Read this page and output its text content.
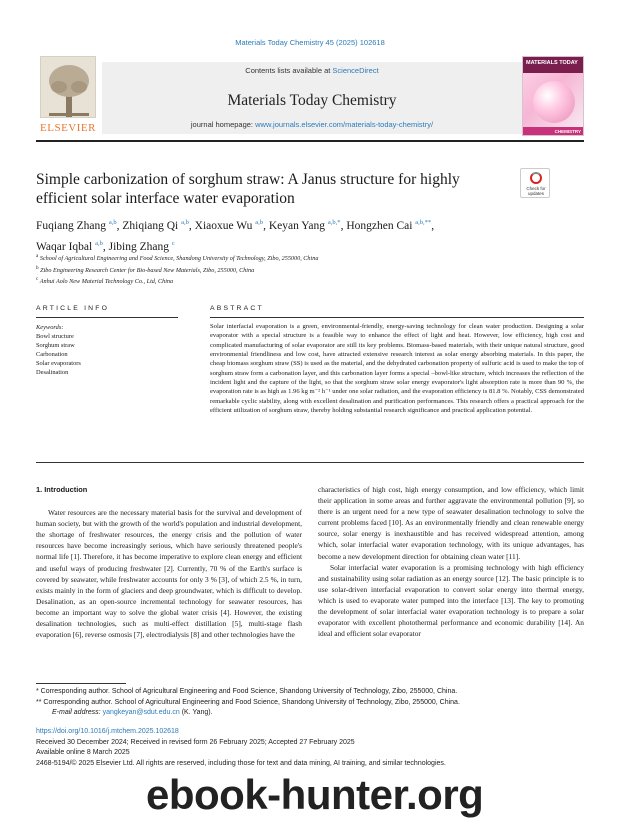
Materials Today Chemistry 45 (2025) 102618
ELSEVIER
Contents lists available at ScienceDirect
Materials Today Chemistry
journal homepage: www.journals.elsevier.com/materials-today-chemistry/
MATERIALS TODAY
CHEMISTRY
Simple carbonization of sorghum straw: A Janus structure for highly efficient solar interface water evaporation
Check for updates
Fuqiang Zhang $^{a,b}$, Zhiqiang Qi $^{a,b}$, Xiaoxue Wu $^{a,b}$, Keyan Yang $^{a,b,*}$, Hongzhen Cai $^{a,b,**}$,
Waqar Iqbal $^{a,b}$, Jibing Zhang $^c$
$^a$ School of Agricultural Engineering and Food Science, Shandong University of Technology, Zibo, 255000, China
$^b$ Zibo Engineering Research Center for Bio-based New Materials, Zibo, 255000, China
$^c$ Anhui Aolo New Material Technology Co., Ltd, China
ARTICLE INFO	ABSTRACT
Keywords:
Bowl structure
Sorghum straw
Carbonation
Solar evaporators
Desalination
Solar interfacial evaporation is a green, environmental-friendly, energy-saving technology for clean water production. Designing a solar evaporator with a special structure is a feasible way to enhance the effect of light and heat. However, low efficiency, high cost and complicated manufacturing of solar evaporator are still its key problems. Biomass-based materials, with their unique natural structure, good environmental friendliness and low cost, have attracted extensive research interest as solar energy absorbing materials. In this paper, the cheap biomass sorghum straw (SS) is used as the material, and the dehydrated carbonation property of sulfuric acid is used to make the top of sorghum straw form a carbonation layer, and this carbonation layer forms a special –bowl-like structure, which increases the reflection of the incident light and the capture of the light, so that the sorghum straw solar energy evaporator's light absorption rate is more than 90 %, the evaporation rate is as high as 1.96 kg m⁻² h⁻¹ under one solar radiation, and the evaporation efficiency is 81.8 %. Notably, CSS demonstrated remarkable cyclic stability, along with excellent desalination and purification performances. This research offers a practical approach for the efficient utilization of sorghum straw, thereby holding substantial research significance and practical application potential.
1. Introduction

Water resources are the necessary material basis for the survival and development of human society, but with the growth of the world's population and industrial development, the shortage of freshwater resources, the energy crisis and the pollution of water resources have become increasingly serious, which have seriously threatened people's normal life [1]. Therefore, it has become imperative to explore clean energy and efficient and useful ways of producing freshwater [2]. Currently, 70 % of the Earth's surface is covered by seawater, while freshwater accounts for only 3 % [3], of which 2.5 %, in turn, exists mainly in the form of glaciers and deep groundwater, which is difficult to develop. Desalination, as an open-source incremental technology for seawater resources, has become an important way to solve the global water crisis [4]. However, the existing desalination technologies, such as multi-effect distillation [5], multi-stage flash evaporation [6], reverse osmosis [7], electrodialysis [8] and other technologies have the

characteristics of high cost, high energy consumption, and low efficiency, which limit their application in some areas and further aggravate the environmental pollution [9], so there is an urgent need for a new type of seawater desalination technology to solve the current problems faced [10]. As an environmentally friendly and clean renewable energy source, solar energy is inexhaustible and has received widespread attention, among which, solar interfacial water evaporation technology, with its unique advantages, has become a new development direction for obtaining clean water [11].

Solar interfacial water evaporation is a promising technology with high efficiency and sustainability using solar radiation as an energy source [12]. The basic principle is to use solar-driven interfacial evaporation to convert solar energy into thermal energy, which is used to evaporate water pumped into the interface [13]. The key to promoting the development of solar interfacial water evaporation technology is to prepare a solar evaporator with excellent photothermal performance and economic durability [14]. An ideal and efficient solar evaporator

* Corresponding author. School of Agricultural Engineering and Food Science, Shandong University of Technology, Zibo, 255000, China.
** Corresponding author. School of Agricultural Engineering and Food Science, Shandong University of Technology, Zibo, 255000, China.
E-mail address: yangkeyan@sdut.edu.cn (K. Yang).
https://doi.org/10.1016/j.mtchem.2025.102618
Received 30 December 2024; Received in revised form 26 February 2025; Accepted 27 February 2025
Available online 8 March 2025
2468-5194/© 2025 Elsevier Ltd. All rights are reserved, including those for text and data mining, AI training, and similar technologies.
ebook-hunter.org
